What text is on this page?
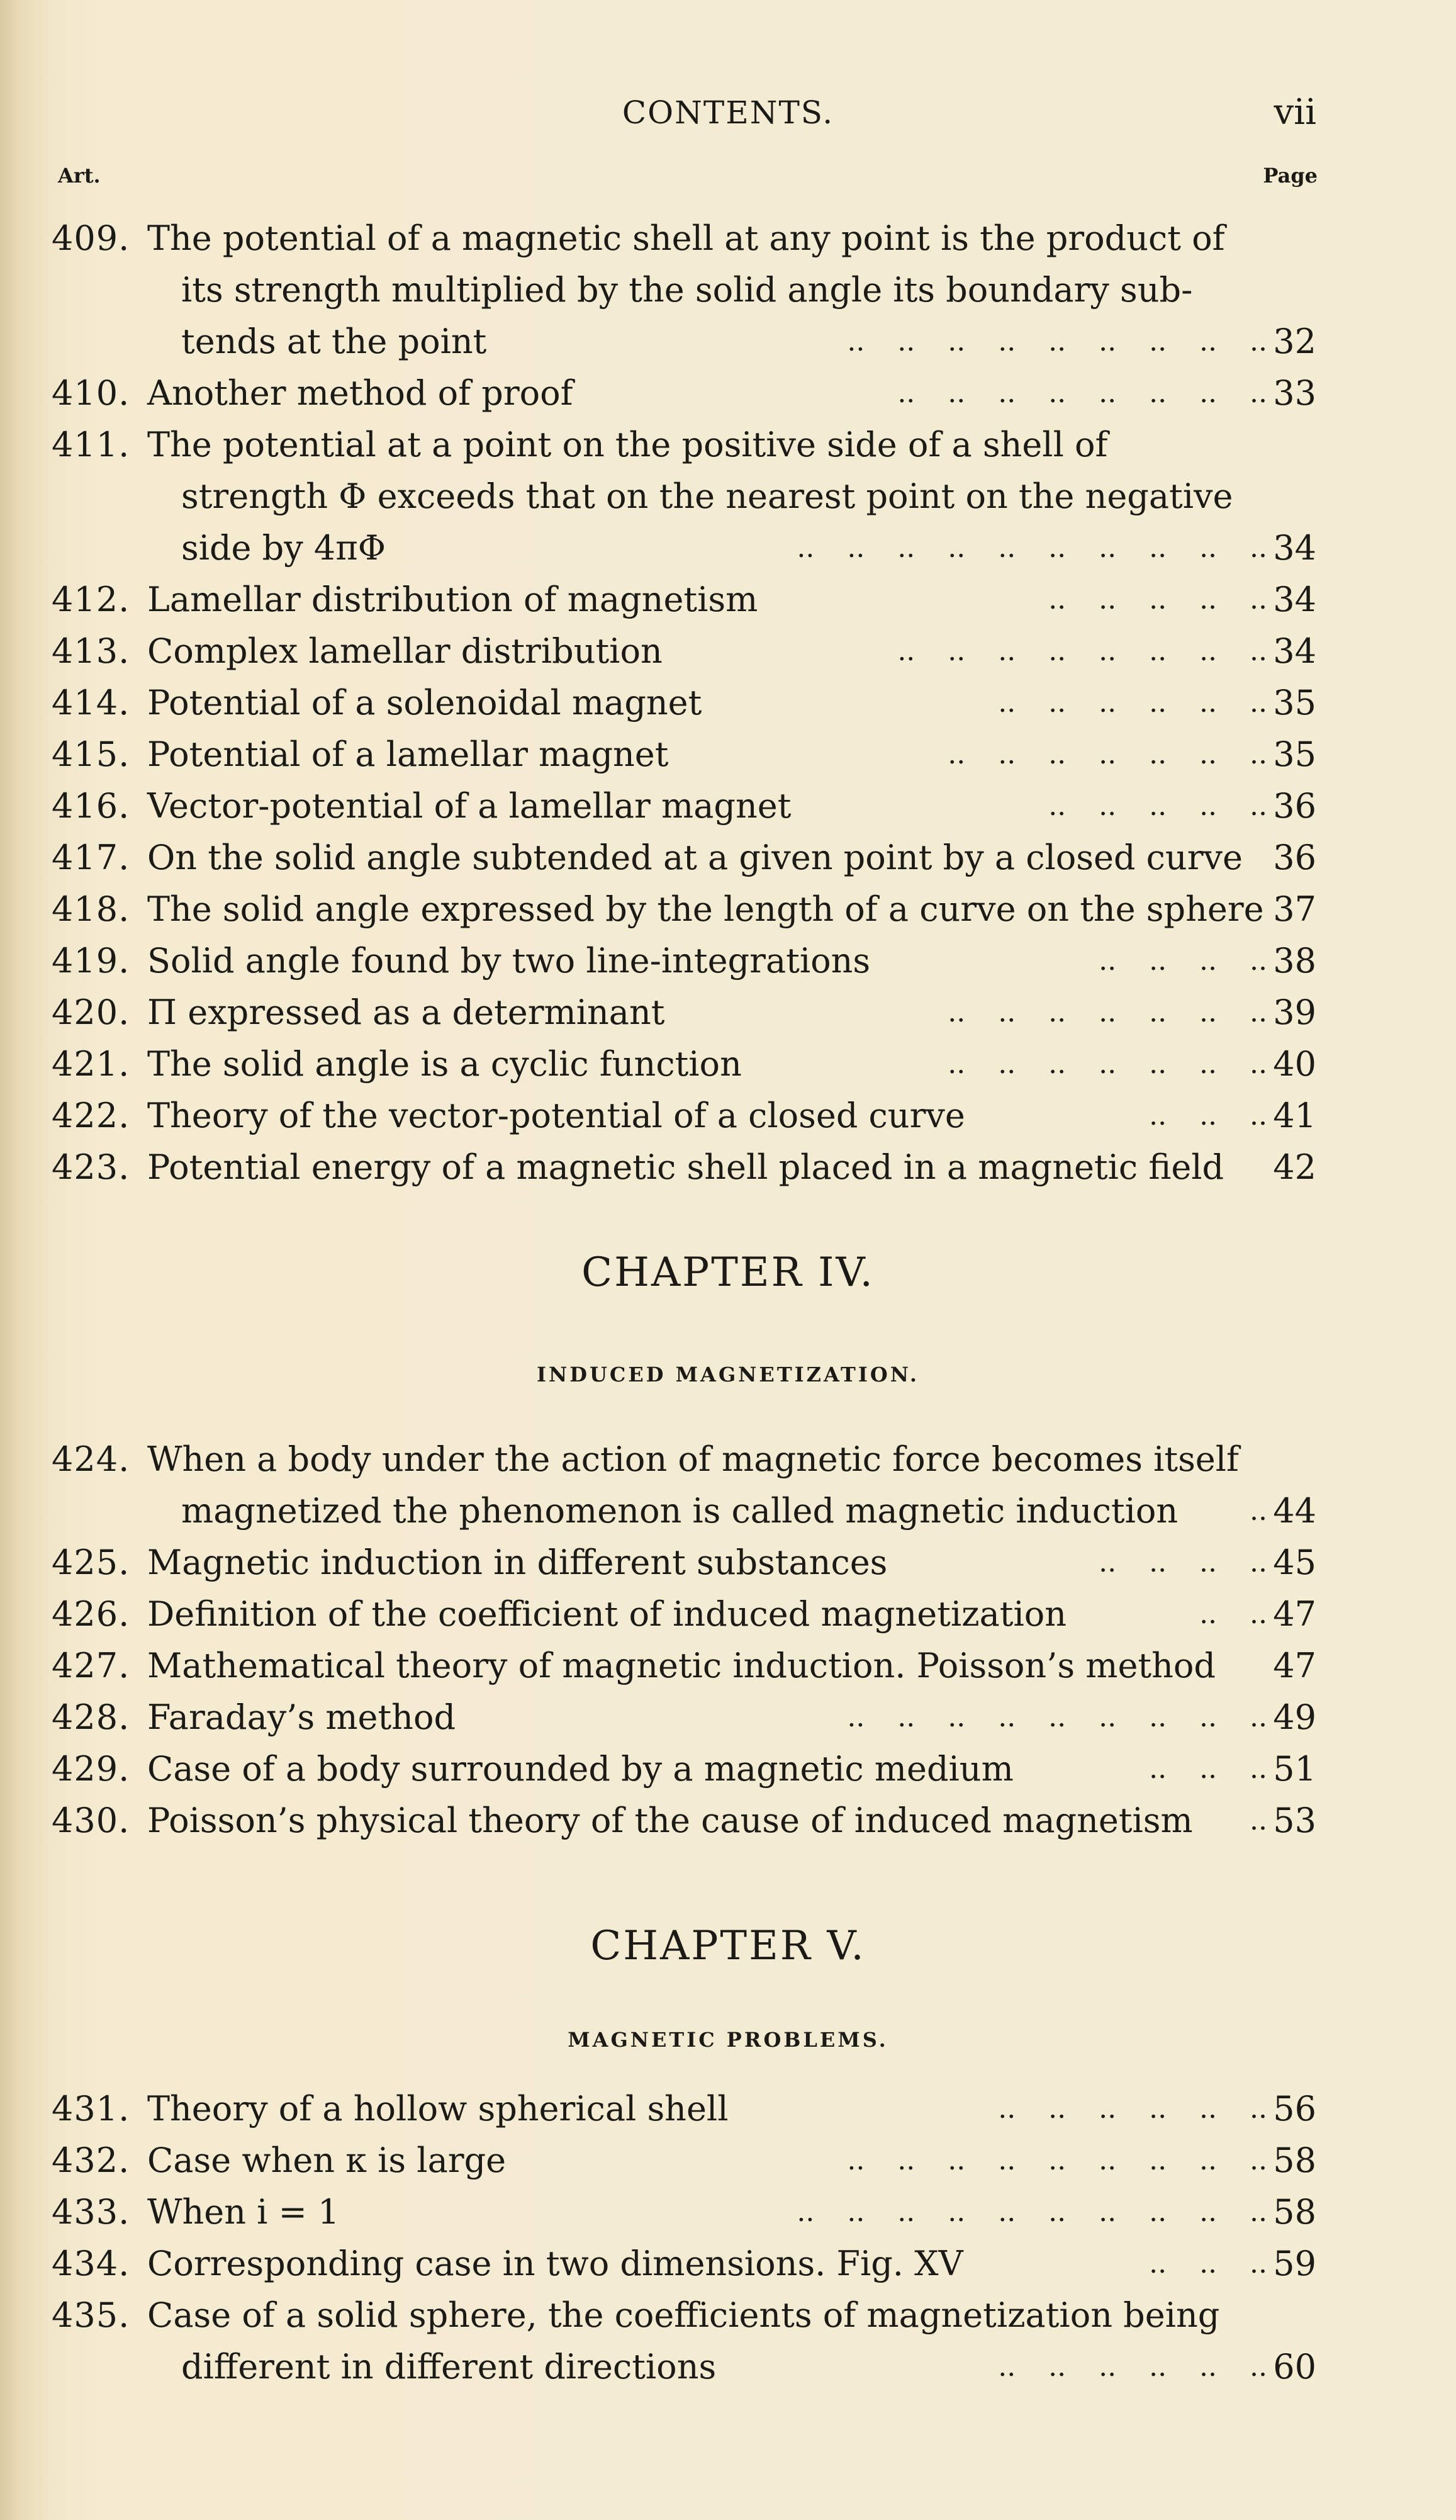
CONTENTS.	vii
Art.	Page
409. The potential of a magnetic shell at any point is the product of
its strength multiplied by the solid angle its boundary sub-
tends at the point	.. .. .. .. .. .. .. .. .. 32
410. Another method of proof	.. .. .. .. .. .. .. .. 33
411. The potential at a point on the positive side of a shell of
strength Φ exceeds that on the nearest point on the negative
side by 4πΦ	.. .. .. .. .. .. .. .. .. .. 34
412. Lamellar distribution of magnetism	.. .. .. .. .. 34
413. Complex lamellar distribution	.. .. .. .. .. .. .. .. 34
414. Potential of a solenoidal magnet	.. .. .. .. .. .. 35
415. Potential of a lamellar magnet	.. .. .. .. .. .. .. 35
416. Vector-potential of a lamellar magnet	.. .. .. .. .. 36
417. On the solid angle subtended at a given point by a closed curve 36
418. The solid angle expressed by the length of a curve on the sphere 37
419. Solid angle found by two line-integrations	.. .. .. .. 38
420. Π expressed as a determinant	.. .. .. .. .. .. .. 39
421. The solid angle is a cyclic function	.. .. .. .. .. .. .. 40
422. Theory of the vector-potential of a closed curve	.. .. .. 41
423. Potential energy of a magnetic shell placed in a magnetic field 42
CHAPTER IV.
INDUCED MAGNETIZATION.
424. When a body under the action of magnetic force becomes itself
magnetized the phenomenon is called magnetic induction	.. 44
425. Magnetic induction in different substances	.. .. .. .. 45
426. Definition of the coefficient of induced magnetization	.. .. 47
427. Mathematical theory of magnetic induction. Poisson’s method 47
428. Faraday’s method	.. .. .. .. .. .. .. .. .. 49
429. Case of a body surrounded by a magnetic medium	.. .. .. 51
430. Poisson’s physical theory of the cause of induced magnetism .. 53
CHAPTER V.
MAGNETIC PROBLEMS.
431. Theory of a hollow spherical shell	.. .. .. .. .. .. 56
432. Case when κ is large	.. .. .. .. .. .. .. .. .. 58
433. When i = 1	.. .. .. .. .. .. .. .. .. .. 58
434. Corresponding case in two dimensions. Fig. XV	.. .. .. 59
435. Case of a solid sphere, the coefficients of magnetization being
different in different directions	.. .. .. .. .. .. 60
